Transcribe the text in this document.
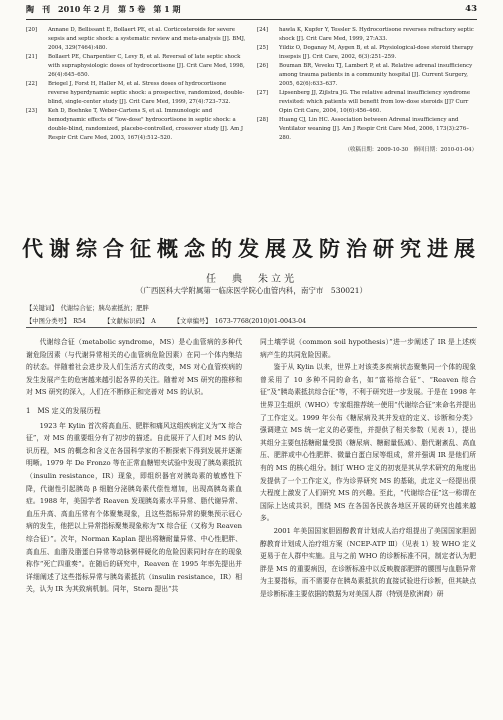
陶　刊　2010 年 2 月　第 5 卷　第 1 期	43
[20] Annane D, Bellissant E, Bollaert PE, et al. Corticosteroids for severe sepsis and septic shock: a systematic review and meta-analysis [J]. BMJ, 2004, 329(7464):480.
[21] Bollaert PE, Charpentier C, Levy B, et al. Reversal of late septic shock with supraphysiologic doses of hydrocortisone [J]. Crit Care Med, 1998, 26(4):645–650.
[22] Briegel J, Forst H, Haller M, et al. Stress doses of hydrocortisone reverse hyperdynamic septic shock: a prospective, randomized, double-blind, single-center study [J]. Crit Care Med, 1999, 27(4):723–732.
[23] Keh D, Boehnke T, Weber-Cartens S, et al. Immunologic and hemodynamic effects of "low-dose" hydrocortisone in septic shock: a double-blind, randomized, placebo-controlled, crossover study [J]. Am J Respir Crit Care Med, 2003, 167(4):512–520.
[24] hawla K, Kupfer Y, Tessler S. Hydrocortisone reverses refractory septic shock [J]. Crit Care Med, 1999, 27:A33.
[25] Yildiz O, Doganay M, Aygen B, et al. Physiological-dose steroid therapy insepsis [J]. Crit Care, 2002, 6(3):251–259.
[26] Bouman BR, Veveku TJ, Lambert P, et al. Relative adrenal insufficiency among trauma patients in a community hospital [J]. Current Surgery, 2005, 62(6):633–637.
[27] Lipsenberg JJ, Zijlstra JG. The relative adrenal insufficiency syndrome revisited: which patients will benefit from low-dose steroids [J]? Curr Opin Crit Care, 2004, 10(6):456–460.
[28] Huang CJ, Lin HC. Association between Adrenal insufficiency and Ventilator weaning [J]. Am J Respir Crit Care Med, 2006, 173(3):276–280.
（收稿日期：2009-10-30　修回日期：2010-01-04）
代谢综合征概念的发展及防治研究进展
任　典　朱立光
（广西医科大学附属第一临床医学院心血管内科，南宁市　530021）
【关键词】　代谢综合征；胰岛素抵抗；肥胖
【中图分类号】　R54	【文献标识码】　A	【文章编号】　1673-7768(2010)01-0043-04

代谢综合征（metabolic syndrome，MS）是心血管病的多种代谢危险因素（与代谢异常相关的心血管病危险因素）在同一个体内集结的状态。伴随着社会进步及人们生活方式的改变，MS 对心血管疾病的发生发展产生的危害越来越引起各界的关注。随着对 MS 研究的推移和对 MS 研究的深入，人们在不断修正和完善对 MS 的认识。

1　MS 定义的发展历程

1923 年 Kylin 首次将高血压、肥胖和痛风这组疾病定义为“X 综合征”，对 MS 的重要组分有了初步的描述。自此展开了人们对 MS 的认识历程，MS 的概念和含义在各国科学家的不断探索下得到发展并逐渐明晰。1979 年 De Fronzo 等在正常血糖钳夹试验中发现了胰岛素抵抗（insulin resistance，IR）现象，即组织器官对胰岛素的敏感性下降，代谢性引起胰岛 β 细胞分泌胰岛素代偿性增加，出现高胰岛素血症。1988 年，美国学者 Reaven 发现胰岛素水平异常、脂代谢异常、血压升高、高血压常有个体聚集现象，且这些指标异常的聚集预示冠心病的发生，他把以上异常指标聚集现象称为“X 综合征（又称为 Reaven 综合征）”。次年，Norman Kaplan 提出将糖耐量异常、中心性肥胖、高血压、血脂及脂蛋白异常等动脉粥样硬化的危险因素同时存在的现象称作“死亡四重奏”。在随后的研究中，Reaven 在 1995 年率先提出并详细阐述了这些指标异常与胰岛素抵抗（insulin resistance，IR）相关，认为 IR 为其致病机制。同年，Stern 提出“共

同土壤学说（common soil hypothesis）”进一步阐述了 IR 是上述疾病产生的共同危险因素。

鉴于从 Kylin 以来，世界上对该类多疾病状态聚集同一个体的现象曾采用了 10 多种不同的命名，如“富裕综合征”、“Reaven 综合征”及“胰岛素抵抗综合征”等，不利于研究进一步发展。于是在 1998 年世界卫生组织（WHO）专家组推荐统一使用“代谢综合征”来命名并提出了工作定义。1999 年公布《糖尿病及其并发症的定义、诊断和分类》强调建立 MS 统一定义的必要性，并提供了相关参数（见表 1），提出其组分主要包括糖耐量受损（糖尿病、糖耐量低减）、脂代谢紊乱、高血压、肥胖或中心性肥胖、微量白蛋白尿等组成，常并强调 IR 是他们所有的 MS 的核心组分。制订 WHO 定义的初衷是其从学术研究的角度出发提供了一个工作定义，作为诊界研究 MS 的基础，此定义一经提出很大程度上激发了人们研究 MS 的兴趣。至此，“代谢综合征”这一称谓在国际上达成共识，围绕 MS 在各国各民族各地区开展的研究也越来越多。

2001 年美国国家胆固醇教育计划成人治疗组提出了美国国家胆固醇教育计划成人治疗组方案（NCEP-ATP Ⅲ）（见表 1）较 WHO 定义更易于在人群中实施。且与之前 WHO 的诊断标准不同，制定者认为肥胖是 MS 的重要病因，在诊断标准中以反映腹部肥胖的腰围与血脂异常为主要指标，而不需要存在胰岛素抵抗的直接试验进行诊断，但其缺点是诊断标准主要依据的数据为对美国人群（特别是欧洲裔）研
